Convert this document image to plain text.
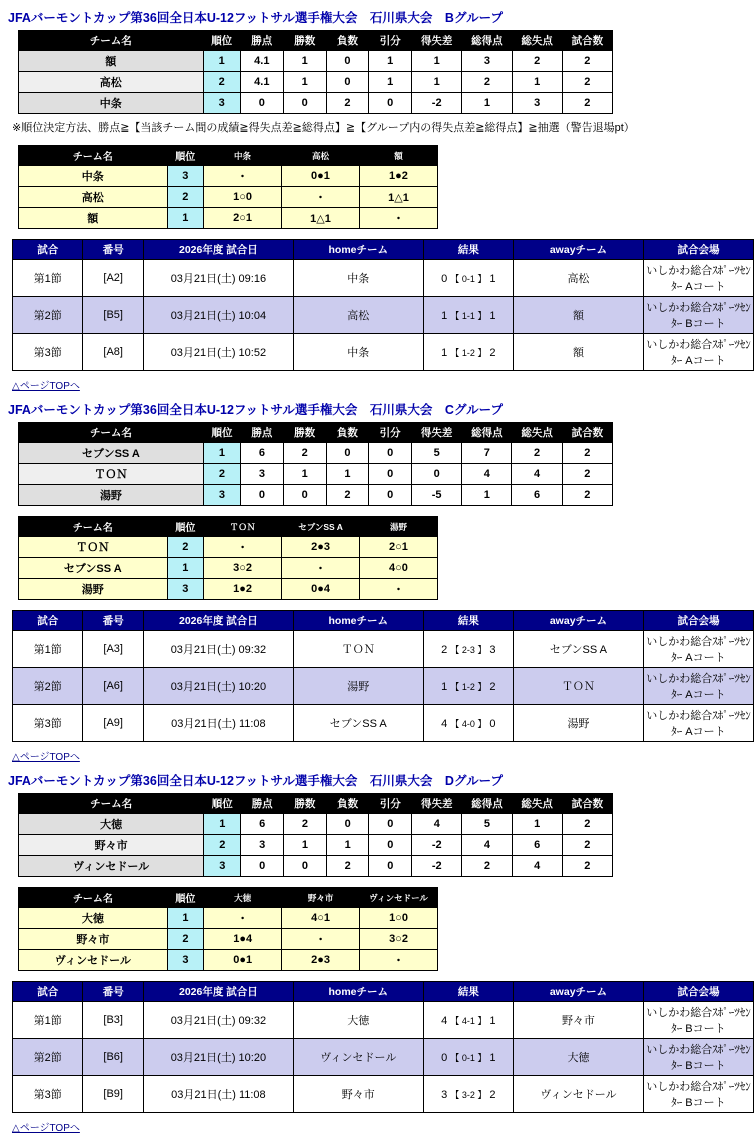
JFAバーモントカップ第36回全日本U-12フットサル選手権大会　石川県大会　Bグループ
チーム名	順位	勝点	勝数	負数	引分	得失差	総得点	総失点	試合数
額	1	4.1	1	0	1	1	3	2	2
高松	2	4.1	1	0	1	1	2	1	2
中条	3	0	0	2	0	-2	1	3	2
※順位決定方法、勝点≧【当該チーム間の成績≧得失点差≧総得点】≧【グループ内の得失点差≧総得点】≧抽選（警告退場pt）
チーム名	順位	中条	高松	額
中条	3	・	0●1	1●2
高松	2	1○0	・	1△1
額	1	2○1	1△1	・
試合	番号	2026年度 試合日	homeチーム	結果	awayチーム	試合会場
第1節	[A2]	03月21日(土) 09:16	中条	0 【 0-1 】 1	高松	いしかわ総合ｽﾎﾟｰﾂｾﾝﾀｰ Aコート
第2節	[B5]	03月21日(土) 10:04	高松	1 【 1-1 】 1	額	いしかわ総合ｽﾎﾟｰﾂｾﾝﾀｰ Bコート
第3節	[A8]	03月21日(土) 10:52	中条	1 【 1-2 】 2	額	いしかわ総合ｽﾎﾟｰﾂｾﾝﾀｰ Aコート
△ページTOPへ
JFAバーモントカップ第36回全日本U-12フットサル選手権大会　石川県大会　Cグループ
チーム名	順位	勝点	勝数	負数	引分	得失差	総得点	総失点	試合数
セブンSS A	1	6	2	0	0	5	7	2	2
ＴＯＮ	2	3	1	1	0	0	4	4	2
湯野	3	0	0	2	0	-5	1	6	2
チーム名	順位	ＴＯＮ	セブンSS A	湯野
ＴＯＮ	2	・	2●3	2○1
セブンSS A	1	3○2	・	4○0
湯野	3	1●2	0●4	・
試合	番号	2026年度 試合日	homeチーム	結果	awayチーム	試合会場
第1節	[A3]	03月21日(土) 09:32	ＴＯＮ	2 【 2-3 】 3	セブンSS A	いしかわ総合ｽﾎﾟｰﾂｾﾝﾀｰ Aコート
第2節	[A6]	03月21日(土) 10:20	湯野	1 【 1-2 】 2	ＴＯＮ	いしかわ総合ｽﾎﾟｰﾂｾﾝﾀｰ Aコート
第3節	[A9]	03月21日(土) 11:08	セブンSS A	4 【 4-0 】 0	湯野	いしかわ総合ｽﾎﾟｰﾂｾﾝﾀｰ Aコート
△ページTOPへ
JFAバーモントカップ第36回全日本U-12フットサル選手権大会　石川県大会　Dグループ
チーム名	順位	勝点	勝数	負数	引分	得失差	総得点	総失点	試合数
大徳	1	6	2	0	0	4	5	1	2
野々市	2	3	1	1	0	-2	4	6	2
ヴィンセドール	3	0	0	2	0	-2	2	4	2
チーム名	順位	大徳	野々市	ヴィンセドール
大徳	1	・	4○1	1○0
野々市	2	1●4	・	3○2
ヴィンセドール	3	0●1	2●3	・
試合	番号	2026年度 試合日	homeチーム	結果	awayチーム	試合会場
第1節	[B3]	03月21日(土) 09:32	大徳	4 【 4-1 】 1	野々市	いしかわ総合ｽﾎﾟｰﾂｾﾝﾀｰ Bコート
第2節	[B6]	03月21日(土) 10:20	ヴィンセドール	0 【 0-1 】 1	大徳	いしかわ総合ｽﾎﾟｰﾂｾﾝﾀｰ Bコート
第3節	[B9]	03月21日(土) 11:08	野々市	3 【 3-2 】 2	ヴィンセドール	いしかわ総合ｽﾎﾟｰﾂｾﾝﾀｰ Bコート
△ページTOPへ
